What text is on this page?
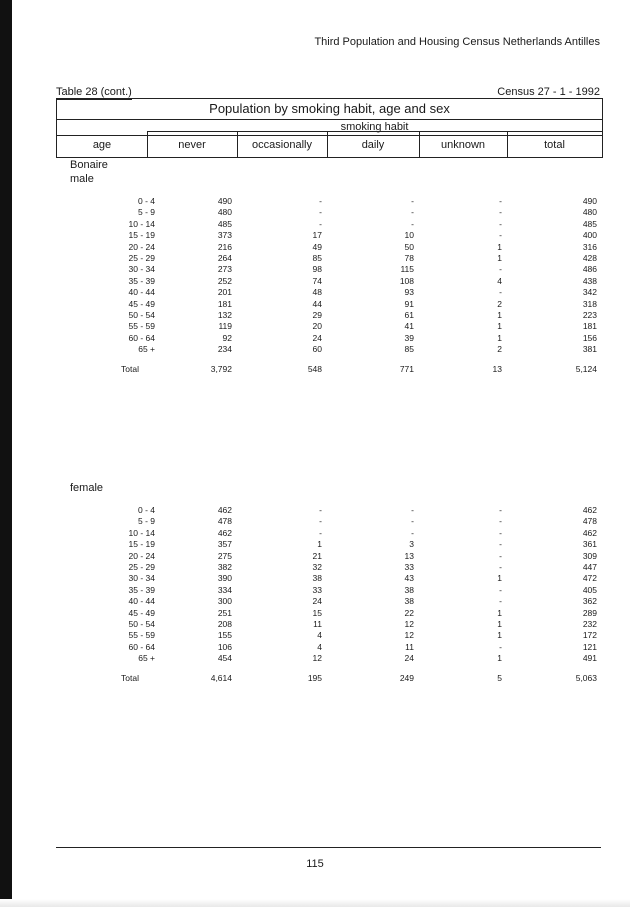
Third Population and Housing Census Netherlands Antilles
Table 28 (cont.)	Census 27 - 1 - 1992
Population by smoking habit, age and sex
smoking habit
age	never	occasionally	daily	unknown	total
Bonaire
male
female
0 - 4	490	-	-	-	490
5 - 9	480	-	-	-	480
10 - 14	485	-	-	-	485
15 - 19	373	17	10	-	400
20 - 24	216	49	50	1	316
25 - 29	264	85	78	1	428
30 - 34	273	98	115	-	486
35 - 39	252	74	108	4	438
40 - 44	201	48	93	-	342
45 - 49	181	44	91	2	318
50 - 54	132	29	61	1	223
55 - 59	119	20	41	1	181
60 - 64	92	24	39	1	156
65 +	234	60	85	2	381
Total	3,792	548	771	13	5,124
0 - 4	462	-	-	-	462
5 - 9	478	-	-	-	478
10 - 14	462	-	-	-	462
15 - 19	357	1	3	-	361
20 - 24	275	21	13	-	309
25 - 29	382	32	33	-	447
30 - 34	390	38	43	1	472
35 - 39	334	33	38	-	405
40 - 44	300	24	38	-	362
45 - 49	251	15	22	1	289
50 - 54	208	11	12	1	232
55 - 59	155	4	12	1	172
60 - 64	106	4	11	-	121
65 +	454	12	24	1	491
Total	4,614	195	249	5	5,063
115
